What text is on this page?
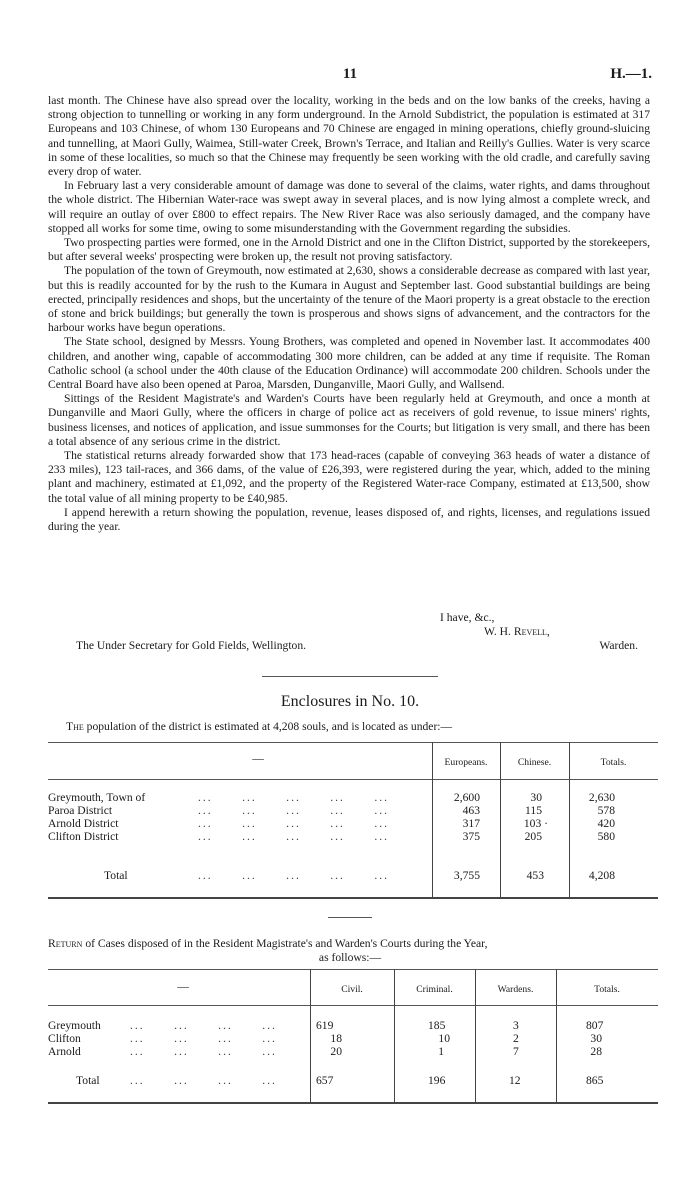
11	H.—1.

last month. The Chinese have also spread over the locality, working in the beds and on the low banks of the creeks, having a strong objection to tunnelling or working in any form underground. In the Arnold Subdistrict, the population is estimated at 317 Europeans and 103 Chinese, of whom 130 Europeans and 70 Chinese are engaged in mining operations, chiefly ground-sluicing and tunnelling, at Maori Gully, Waimea, Still-water Creek, Brown's Terrace, and Italian and Reilly's Gullies. Water is very scarce in some of these localities, so much so that the Chinese may frequently be seen working with the old cradle, and carefully saving every drop of water.

In February last a very considerable amount of damage was done to several of the claims, water rights, and dams throughout the whole district. The Hibernian Water-race was swept away in several places, and is now lying almost a complete wreck, and will require an outlay of over £800 to effect repairs. The New River Race was also seriously damaged, and the company have stopped all works for some time, owing to some misunderstanding with the Government regarding the subsidies.

Two prospecting parties were formed, one in the Arnold District and one in the Clifton District, supported by the storekeepers, but after several weeks' prospecting were broken up, the result not proving satisfactory.

The population of the town of Greymouth, now estimated at 2,630, shows a considerable decrease as compared with last year, but this is readily accounted for by the rush to the Kumara in August and September last. Good substantial buildings are being erected, principally residences and shops, but the uncertainty of the tenure of the Maori property is a great obstacle to the erection of stone and brick buildings; but generally the town is prosperous and shows signs of advancement, and the contractors for the harbour works have begun operations.

The State school, designed by Messrs. Young Brothers, was completed and opened in November last. It accommodates 400 children, and another wing, capable of accommodating 300 more children, can be added at any time if requisite. The Roman Catholic school (a school under the 40th clause of the Education Ordinance) will accommodate 200 children. Schools under the Central Board have also been opened at Paroa, Marsden, Dunganville, Maori Gully, and Wallsend.

Sittings of the Resident Magistrate's and Warden's Courts have been regularly held at Greymouth, and once a month at Dunganville and Maori Gully, where the officers in charge of police act as receivers of gold revenue, to issue miners' rights, business licenses, and notices of application, and issue summonses for the Courts; but litigation is very small, and there has been a total absence of any serious crime in the district.

The statistical returns already forwarded show that 173 head-races (capable of conveying 363 heads of water a distance of 233 miles), 123 tail-races, and 366 dams, of the value of £26,393, were registered during the year, which, added to the mining plant and machinery, estimated at £1,092, and the property of the Registered Water-race Company, estimated at £13,500, show the total value of all mining property to be £40,985.

I append herewith a return showing the population, revenue, leases disposed of, and rights, licenses, and regulations issued during the year.

I have, &c.,
W. H. Revell,
The Under Secretary for Gold Fields, Wellington.	Warden.
Enclosures in No. 10.
The population of the district is estimated at 4,208 souls, and is located as under:—
—	Europeans.	Chinese.	Totals.
Greymouth, Town of	...      ...      ...      ...      ...	2,600	30	2,630
Paroa District	...      ...      ...      ...      ...	463	115	578
Arnold District	...      ...      ...      ...      ...	317	103 ·	420
Clifton District	...      ...      ...      ...      ...	375	205	580
Total	...      ...      ...      ...      ...	3,755	453	4,208
Return of Cases disposed of in the Resident Magistrate's and Warden's Courts during the Year,
as follows:—
—	Civil.	Criminal.	Wardens.	Totals.
Greymouth	...      ...      ...      ...	619	185	3	807
Clifton	...      ...      ...      ...	18	10	2	30
Arnold	...      ...      ...      ...	20	1	7	28
Total	...      ...      ...      ...	657	196	12	865
